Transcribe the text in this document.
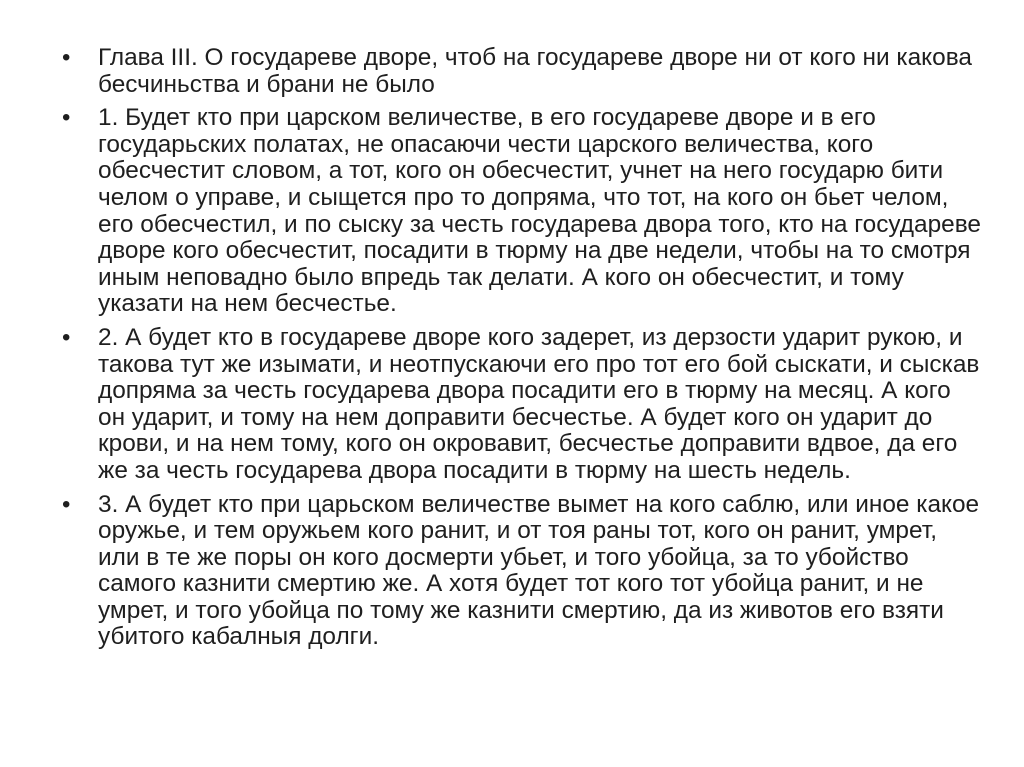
• Глава III. О государеве дворе, чтоб на государеве дворе ни от кого ни какова бесчиньства и брани не было
• 1. Будет кто при царском величестве, в его государеве дворе и в его государьских полатах, не опасаючи чести царского величества, кого обесчестит словом, а тот, кого он обесчестит, учнет на него государю бити челом о управе, и сыщется про то допряма, что тот, на кого он бьет челом, его обесчестил, и по сыску за честь государева двора того, кто на государеве дворе кого обесчестит, посадити в тюрму на две недели, чтобы на то смотря иным неповадно было впредь так делати. А кого он обесчестит, и тому указати на нем бесчестье.
• 2. А будет кто в государеве дворе кого задерет, из дерзости ударит рукою, и такова тут же изымати, и неотпускаючи его про тот его бой сыскати, и сыскав допряма за честь государева двора посадити его в тюрму на месяц. А кого он ударит, и тому на нем доправити бесчестье. А будет кого он ударит до крови, и на нем тому, кого он окровавит, бесчестье доправити вдвое, да его же за честь государева двора посадити в тюрму на шесть недель.
• 3. А будет кто при царьском величестве вымет на кого саблю, или иное какое оружье, и тем оружьем кого ранит, и от тоя раны тот, кого он ранит, умрет, или в те же поры он кого досмерти убьет, и того убойца, за то убойство самого казнити смертию же. А хотя будет тот кого тот убойца ранит, и не умрет, и того убойца по тому же казнити смертию, да из животов его взяти убитого кабалныя долги.
